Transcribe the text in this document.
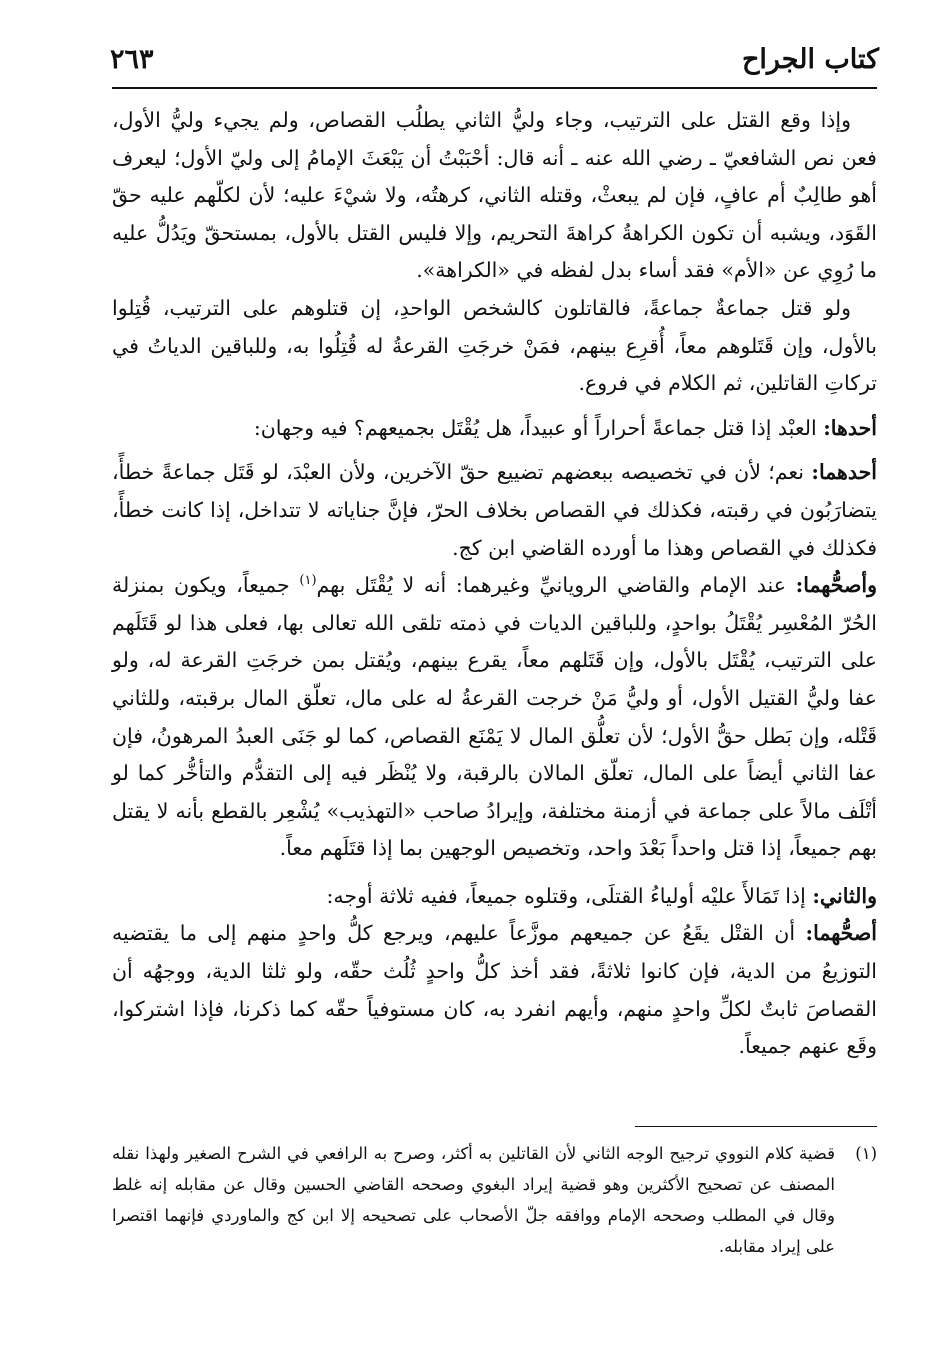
كتاب الجراح
٢٦٣

وإذا وقع القتل على الترتيب، وجاء وليُّ الثاني يطلُب القصاص، ولم يجيء وليُّ الأول، فعن نص الشافعيّ ـ رضي الله عنه ـ أنه قال: أحْبَبْتُ أن يَبْعَثَ الإمامُ إلى وليّ الأول؛ ليعرف أهو طالِبٌ أم عافٍ، فإن لم يبعثْ، وقتله الثاني، كرهتُه، ولا شيْءَ عليه؛ لأن لكلّهم عليه حقّ القَوَد، ويشبه أن تكون الكراهةُ كراهةَ التحريم، وإلا فليس القتل بالأول، بمستحقّ ويَدُلُّ عليه ما رُوِي عن «الأم» فقد أساء بدل لفظه في «الكراهة».

ولو قتل جماعةٌ جماعةً، فالقاتلون كالشخص الواحدِ، إن قتلوهم على الترتيب، قُتِلوا بالأول، وإن قَتَلوهم معاً، أُقرِع بينهم، فمَنْ خرجَتِ القرعةُ له قُتِلُوا به، وللباقين الدياتُ في تركاتِ القاتلين، ثم الكلام في فروع.

أحدها: العبْد إذا قتل جماعةً أحراراً أو عبيداً، هل يُقْتَل بجميعهم؟ فيه وجهان:

أحدهما: نعم؛ لأن في تخصيصه ببعضهم تضييع حقّ الآخرين، ولأن العبْدَ، لو قَتَل جماعةً خطأً، يتضارَبُون في رقبته، فكذلك في القصاص بخلاف الحرّ، فإنَّ جناياته لا تتداخل، إذا كانت خطأً، فكذلك في القصاص وهذا ما أورده القاضي ابن كج.

وأصحُّهما: عند الإمام والقاضي الرويانيِّ وغيرهما: أنه لا يُقْتَل بهم$^{(١)}$ جميعاً، ويكون بمنزلة الحُرّ المُعْسِر يُقْتَلُ بواحدٍ، وللباقين الديات في ذمته تلقى الله تعالى بها، فعلى هذا لو قَتَلَهم على الترتيب، يُقْتَل بالأول، وإن قَتَلهم معاً، يقرع بينهم، ويُقتل بمن خرجَتِ القرعة له، ولو عفا وليُّ القتيل الأول، أو وليُّ مَنْ خرجت القرعةُ له على مال، تعلّق المال برقبته، وللثاني قَتْله، وإن بَطل حقُّ الأول؛ لأن تعلُّق المال لا يَمْنَع القصاص، كما لو جَنَى العبدُ المرهونُ، فإن عفا الثاني أيضاً على المال، تعلّق المالان بالرقبة، ولا يُنْظَر فيه إلى التقدُّم والتأخُّر كما لو أتْلَف مالاً على جماعة في أزمنة مختلفة، وإيرادُ صاحب «التهذيب» يُشْعِر بالقطع بأنه لا يقتل بهم جميعاً، إذا قتل واحداً بَعْدَ واحد، وتخصيص الوجهين بما إذا قتَلَهم معاً.

والثاني: إذا تَمَالأَ عليْه أولياءُ القتلَى، وقتلوه جميعاً، ففيه ثلاثة أوجه:

أصحُّهما: أن القتْل يقَعُ عن جميعهم موزَّعاً عليهم، ويرجع كلُّ واحدٍ منهم إلى ما يقتضيه التوزيعُ من الدية، فإن كانوا ثلاثةً، فقد أخذ كلُّ واحدٍ ثُلُث حقّه، ولو ثلثا الدية، ووجهُه أن القصاصَ ثابتٌ لكلِّ واحدٍ منهم، وأيهم انفرد به، كان مستوفياً حقّه كما ذكرنا، فإذا اشتركوا، وقَع عنهم جميعاً.

(١)
قضية كلام النووي ترجيح الوجه الثاني لأن القاتلين به أكثر، وصرح به الرافعي في الشرح الصغير ولهذا نقله المصنف عن تصحيح الأكثرين وهو قضية إيراد البغوي وصححه القاضي الحسين وقال عن مقابله إنه غلط وقال في المطلب وصححه الإمام ووافقه جلّ الأصحاب على تصحيحه إلا ابن كج والماوردي فإنهما اقتصرا على إيراد مقابله.
